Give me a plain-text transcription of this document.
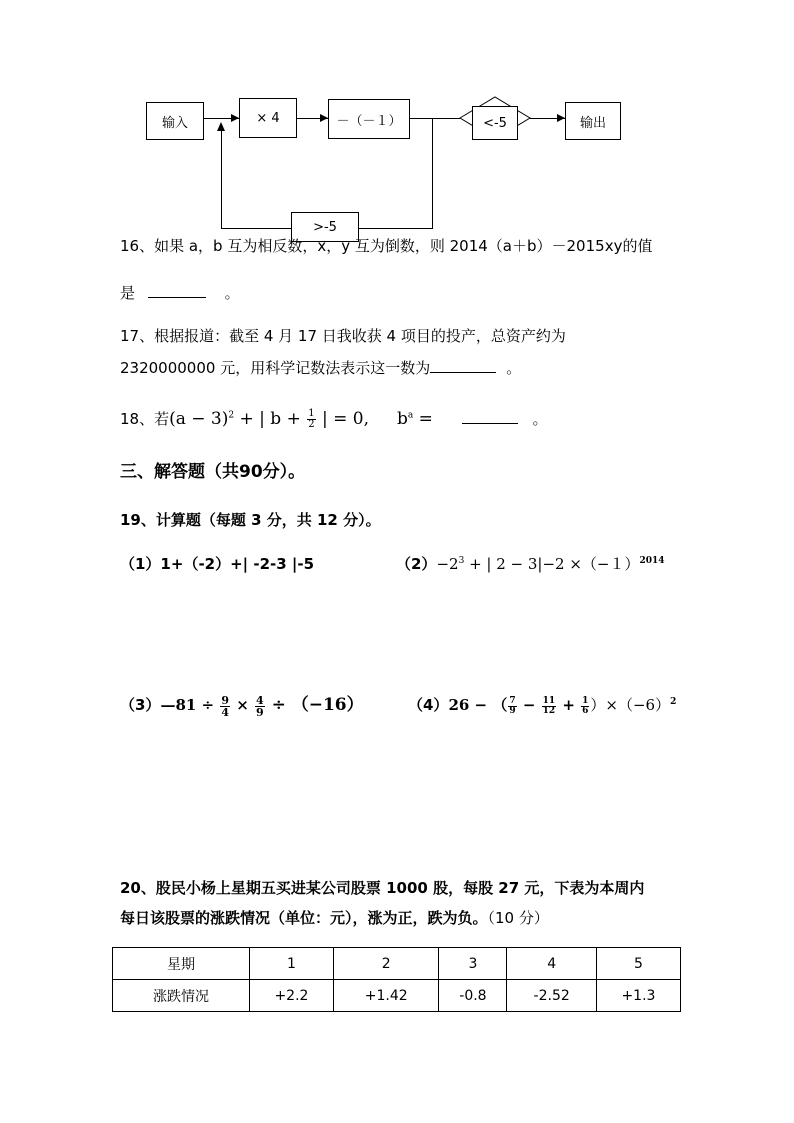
输入	× 4	－（－１）	输出
<-5
>-5
16、如果 a，b 互为相反数，x，y 互为倒数，则 2014（a＋b）－2015xy的值
是	。
17、根据报道：截至 4 月 17 日我收获 4 项目的投产，总资产约为
2320000000 元，用科学记数法表示这一数为	。
18、若$(a - 3)^2$ + | $b + \frac{1}{2}$ | = 0, $b^a$ =	。
三、解答题（共90分）。
19、计算题（每题 3 分，共 12 分）。
（1）1+（-2）+| -2-3 |-5	$(2)-2^3$ + | $2 - 3|-2 \times(-1)^{2014}$
（3）—81 ÷ $\frac{9}{4} \times \frac{4}{9} \div (-16)$	（4）26 − （ $\frac{7}{9} - \frac{11}{12} + \frac{1}{6} )\times(-6)^2$
20、股民小杨上星期五买进某公司股票 1000 股，每股 27 元，下表为本周内
每日该股票的涨跌情况（单位：元），涨为正，跌为负。（10 分）
星期	1	2	3	4	5
涨跌情况	+2.2	+1.42	-0.8	-2.52	+1.3
